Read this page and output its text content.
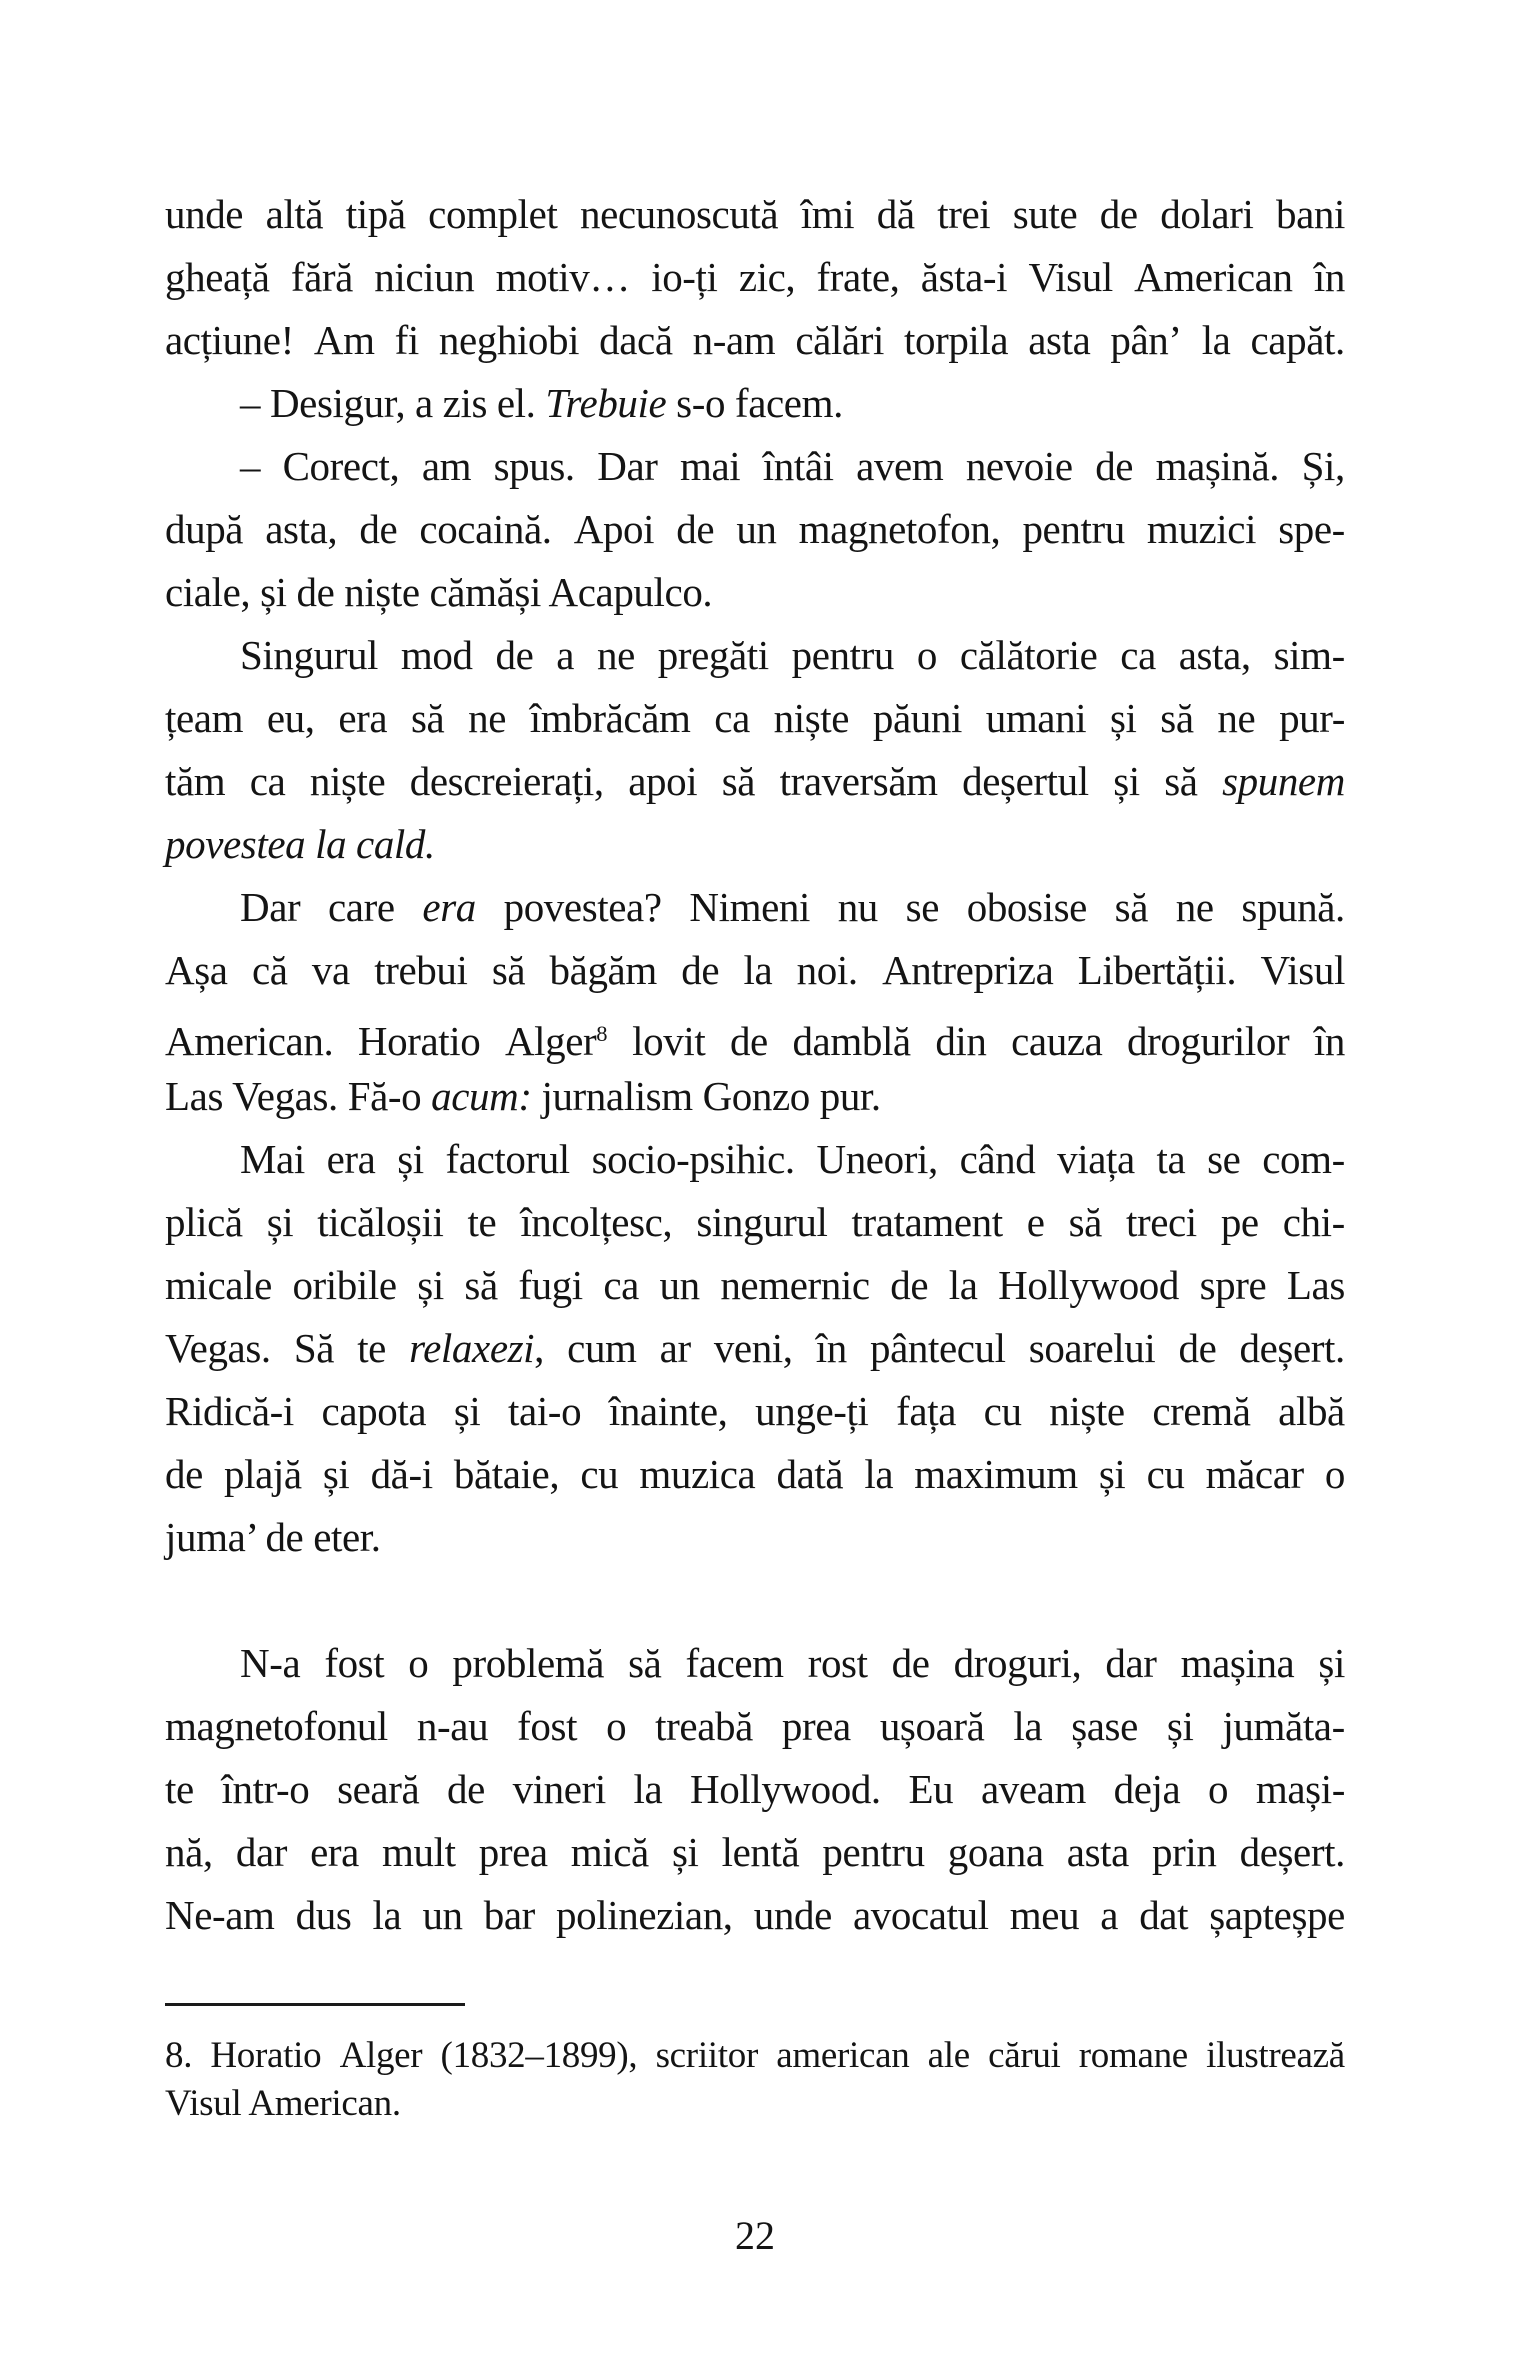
unde altă tipă complet necunoscută îmi dă trei sute de dolari bani
gheață fără niciun motiv… io-ți zic, frate, ăsta-i Visul American în
acțiune! Am fi neghiobi dacă n-am călări torpila asta pân’ la capăt.
– Desigur, a zis el. Trebuie s-o facem.
– Corect, am spus. Dar mai întâi avem nevoie de mașină. Și,
după asta, de cocaină. Apoi de un magnetofon, pentru muzici spe-
ciale, și de niște cămăși Acapulco.
Singurul mod de a ne pregăti pentru o călătorie ca asta, sim-
țeam eu, era să ne îmbrăcăm ca niște păuni umani și să ne pur-
tăm ca niște descreierați, apoi să traversăm deșertul și să spunem
povestea la cald.
Dar care era povestea? Nimeni nu se obosise să ne spună.
Așa că va trebui să băgăm de la noi. Antrepriza Libertății. Visul
American. Horatio Alger$^8$ lovit de damblă din cauza drogurilor în
Las Vegas. Fă-o acum: jurnalism Gonzo pur.
Mai era și factorul socio-psihic. Uneori, când viața ta se com-
plică și ticăloșii te încolțesc, singurul tratament e să treci pe chi-
micale oribile și să fugi ca un nemernic de la Hollywood spre Las
Vegas. Să te relaxezi, cum ar veni, în pântecul soarelui de deșert.
Ridică-i capota și tai-o înainte, unge-ți fața cu niște cremă albă
de plajă și dă-i bătaie, cu muzica dată la maximum și cu măcar o
juma’ de eter.
N-a fost o problemă să facem rost de droguri, dar mașina și
magnetofonul n-au fost o treabă prea ușoară la șase și jumăta-
te într-o seară de vineri la Hollywood. Eu aveam deja o mași-
nă, dar era mult prea mică și lentă pentru goana asta prin deșert.
Ne-am dus la un bar polinezian, unde avocatul meu a dat șapteșpe
8. Horatio Alger (1832–1899), scriitor american ale cărui romane ilustrează
Visul American.
22
